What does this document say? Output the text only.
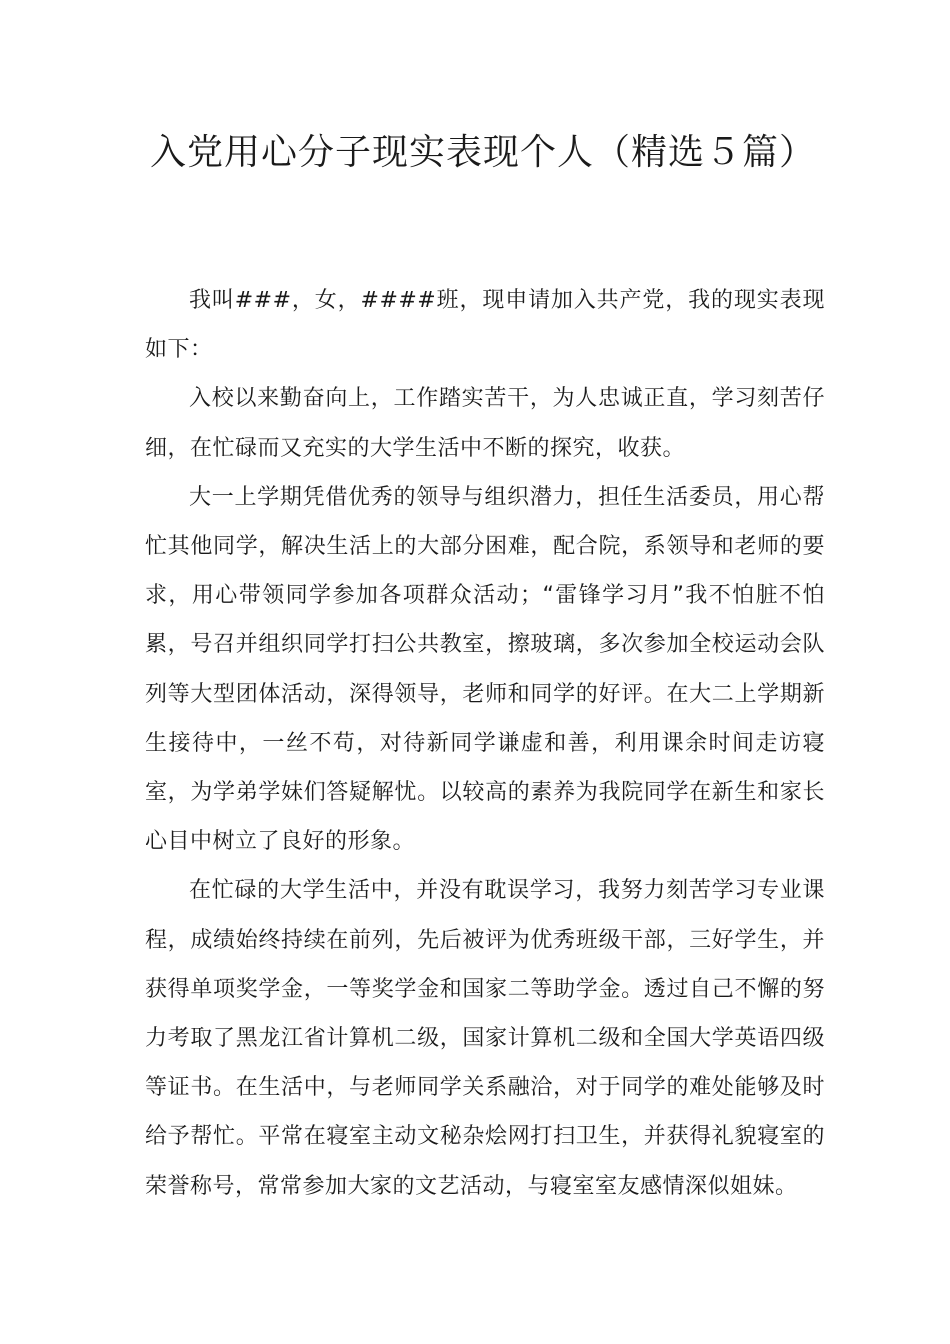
入党用心分子现实表现个人（精选５篇）

我叫###，女，####班，现申请加入共产党，我的现实表现如下：

入校以来勤奋向上，工作踏实苦干，为人忠诚正直，学习刻苦仔细，在忙碌而又充实的大学生活中不断的探究，收获。

大一上学期凭借优秀的领导与组织潜力，担任生活委员，用心帮忙其他同学，解决生活上的大部分困难，配合院，系领导和老师的要求，用心带领同学参加各项群众活动；“雷锋学习月”我不怕脏不怕累，号召并组织同学打扫公共教室，擦玻璃，多次参加全校运动会队列等大型团体活动，深得领导，老师和同学的好评。在大二上学期新生接待中，一丝不苟，对待新同学谦虚和善，利用课余时间走访寝室，为学弟学妹们答疑解忧。以较高的素养为我院同学在新生和家长心目中树立了良好的形象。

在忙碌的大学生活中，并没有耽误学习，我努力刻苦学习专业课程，成绩始终持续在前列，先后被评为优秀班级干部，三好学生，并获得单项奖学金，一等奖学金和国家二等助学金。透过自己不懈的努力考取了黑龙江省计算机二级，国家计算机二级和全国大学英语四级等证书。在生活中，与老师同学关系融洽，对于同学的难处能够及时给予帮忙。平常在寝室主动文秘杂烩网打扫卫生，并获得礼貌寝室的荣誉称号，常常参加大家的文艺活动，与寝室室友感情深似姐妹。
